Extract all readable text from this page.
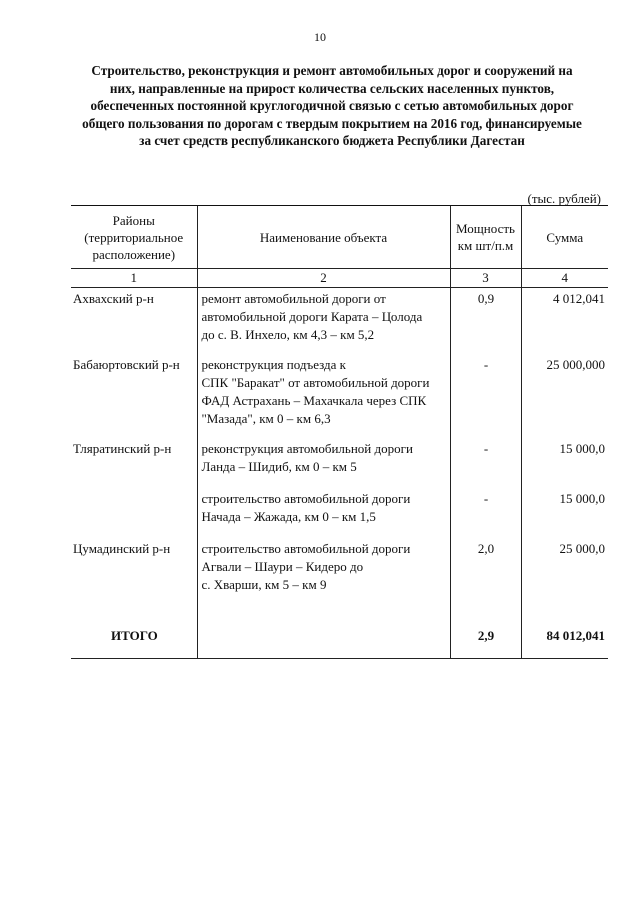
10
Строительство, реконструкция и ремонт автомобильных дорог и сооружений на
них, направленные на прирост количества сельских населенных пунктов,
обеспеченных постоянной круглогодичной связью с сетью автомобильных дорог
общего пользования по дорогам с твердым покрытием на 2016 год, финансируемые
за счет средств республиканского бюджета Республики Дагестан
(тыс. рублей)
Районы
(территориальное
расположение)	Наименование объекта	Мощность
км шт/п.м	Сумма
1	2	3	4
Ахвахский р-н	ремонт автомобильной дороги от
автомобильной дороги Карата – Цолода
до с. В. Инхело, км 4,3 – км 5,2	0,9	4 012,041
Бабаюртовский р-н	реконструкция подъезда к
СПК "Баракат" от автомобильной дороги
ФАД Астрахань – Махачкала через СПК
"Мазада", км 0 – км 6,3	-	25 000,000
Тляратинский р-н	реконструкция автомобильной дороги
Ланда – Шидиб, км 0 – км 5	-	15 000,0
	строительство автомобильной дороги
Начада – Жажада, км 0 – км 1,5	-	15 000,0
Цумадинский р-н	строительство автомобильной дороги
Агвали – Шаури – Кидеро до
с. Хварши, км 5 – км 9	2,0	25 000,0
ИТОГО		2,9	84 012,041
